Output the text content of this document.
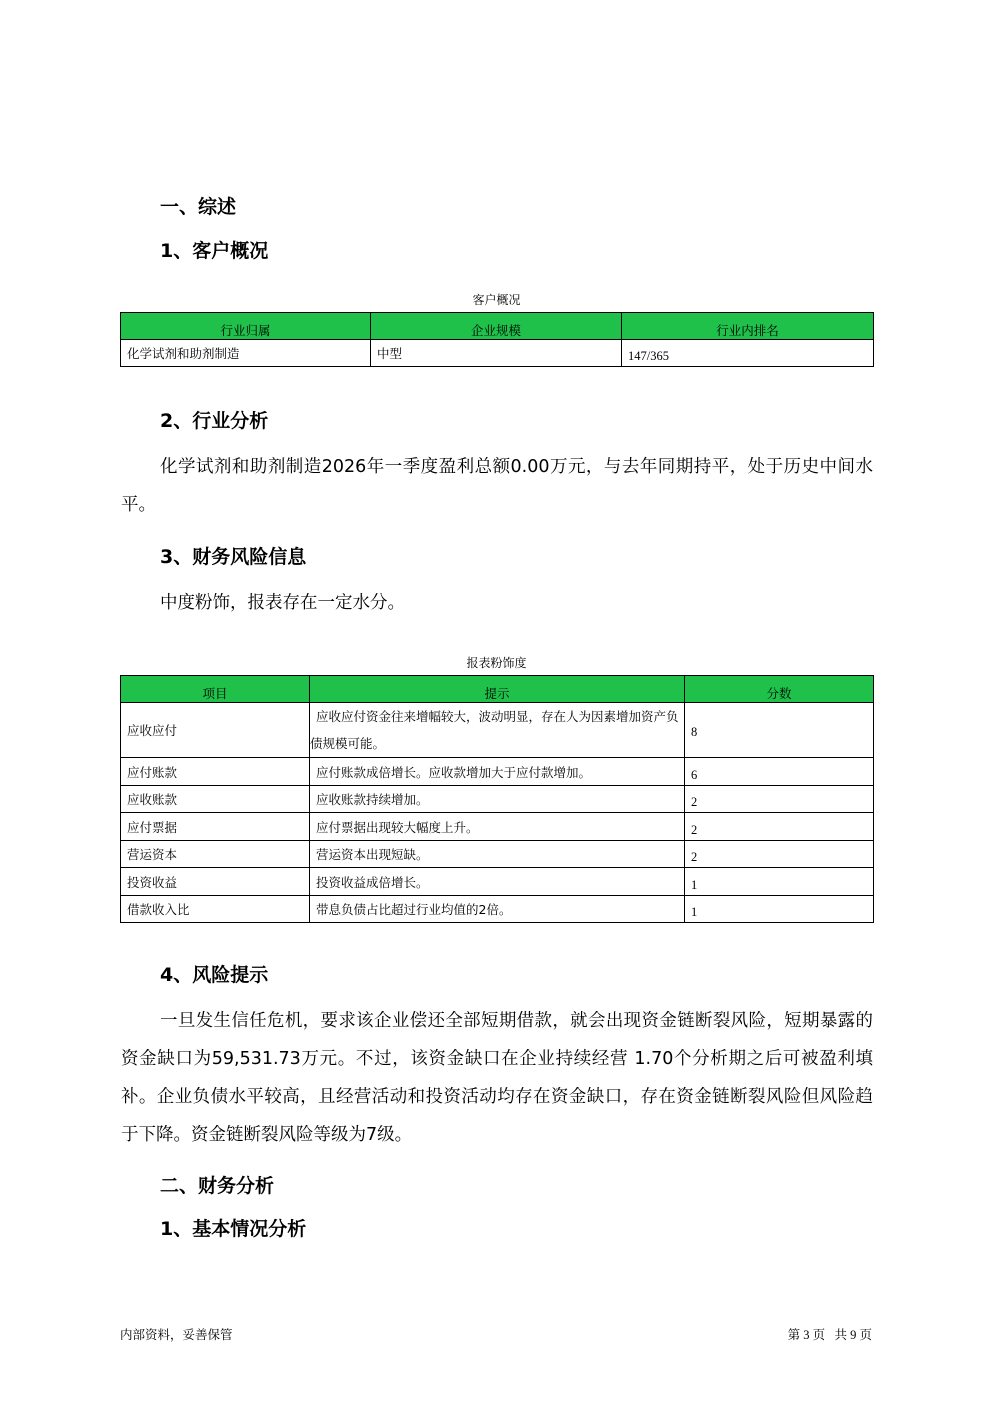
一、综述
1、客户概况
客户概况
行业归属	企业规模	行业内排名
化学试剂和助剂制造	中型	147/365
2、行业分析
化学试剂和助剂制造2026年一季度盈利总额0.00万元，与去年同期持平，处于历史中间水平。
3、财务风险信息
中度粉饰，报表存在一定水分。
报表粉饰度
项目	提示	分数
应收应付	应收应付资金往来增幅较大，波动明显，存在人为因素增加资产负债规模可能。	8
应付账款	应付账款成倍增长。应收款增加大于应付款增加。	6
应收账款	应收账款持续增加。	2
应付票据	应付票据出现较大幅度上升。	2
营运资本	营运资本出现短缺。	2
投资收益	投资收益成倍增长。	1
借款收入比	带息负债占比超过行业均值的2倍。	1
4、风险提示
一旦发生信任危机，要求该企业偿还全部短期借款，就会出现资金链断裂风险，短期暴露的资金缺口为59,531.73万元。不过，该资金缺口在企业持续经营 1.70个分析期之后可被盈利填补。企业负债水平较高，且经营活动和投资活动均存在资金缺口，存在资金链断裂风险但风险趋于下降。资金链断裂风险等级为7级。
二、财务分析
1、基本情况分析
内部资料，妥善保管	第 3 页   共 9 页
